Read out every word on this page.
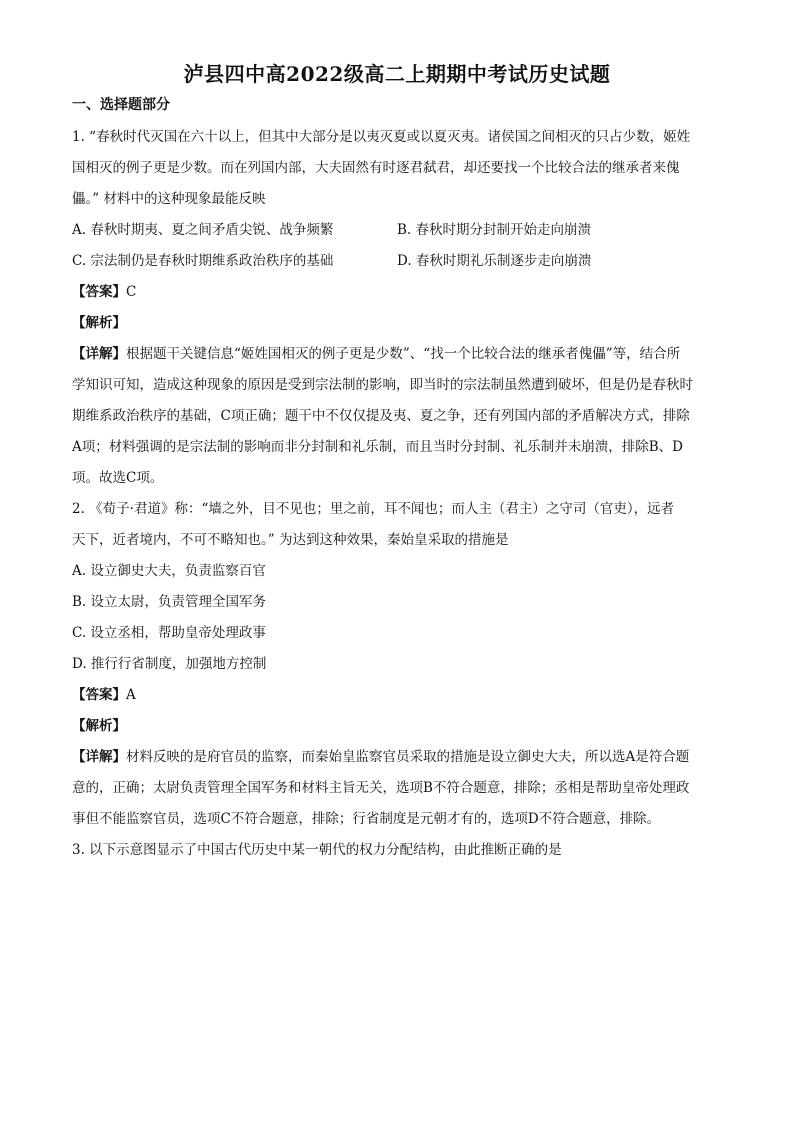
泸县四中高2022级高二上期期中考试历史试题
一、选择题部分

1. “春秋时代灭国在六十以上，但其中大部分是以夷灭夏或以夏灭夷。诸侯国之间相灭的只占少数，姬姓

国相灭的例子更是少数。而在列国内部，大夫固然有时逐君弑君，却还要找一个比较合法的继承者来傀

儡。” 材料中的这种现象最能反映

A. 春秋时期夷、夏之间矛盾尖锐、战争频繁	B. 春秋时期分封制开始走向崩溃
C. 宗法制仍是春秋时期维系政治秩序的基础	D. 春秋时期礼乐制逐步走向崩溃

【答案】C

【解析】

【详解】根据题干关键信息“姬姓国相灭的例子更是少数”、“找一个比较合法的继承者傀儡”等，结合所

学知识可知，造成这种现象的原因是受到宗法制的影响，即当时的宗法制虽然遭到破坏，但是仍是春秋时

期维系政治秩序的基础，C项正确；题干中不仅仅提及夷、夏之争，还有列国内部的矛盾解决方式，排除

A项；材料强调的是宗法制的影响而非分封制和礼乐制，而且当时分封制、礼乐制并未崩溃，排除B、D

项。故选C项。

2. 《荀子·君道》称：“墙之外，目不见也；里之前，耳不闻也；而人主（君主）之守司（官吏），远者

天下，近者境内，不可不略知也。” 为达到这种效果，秦始皇采取的措施是

A. 设立御史大夫，负责监察百官

B. 设立太尉，负责管理全国军务

C. 设立丞相，帮助皇帝处理政事

D. 推行行省制度，加强地方控制

【答案】A

【解析】

【详解】材料反映的是府官员的监察，而秦始皇监察官员采取的措施是设立御史大夫，所以选A是符合题

意的，正确；太尉负责管理全国军务和材料主旨无关，选项B不符合题意，排除；丞相是帮助皇帝处理政

事但不能监察官员，选项C不符合题意，排除；行省制度是元朝才有的，选项D不符合题意，排除。

3. 以下示意图显示了中国古代历史中某一朝代的权力分配结构，由此推断正确的是
